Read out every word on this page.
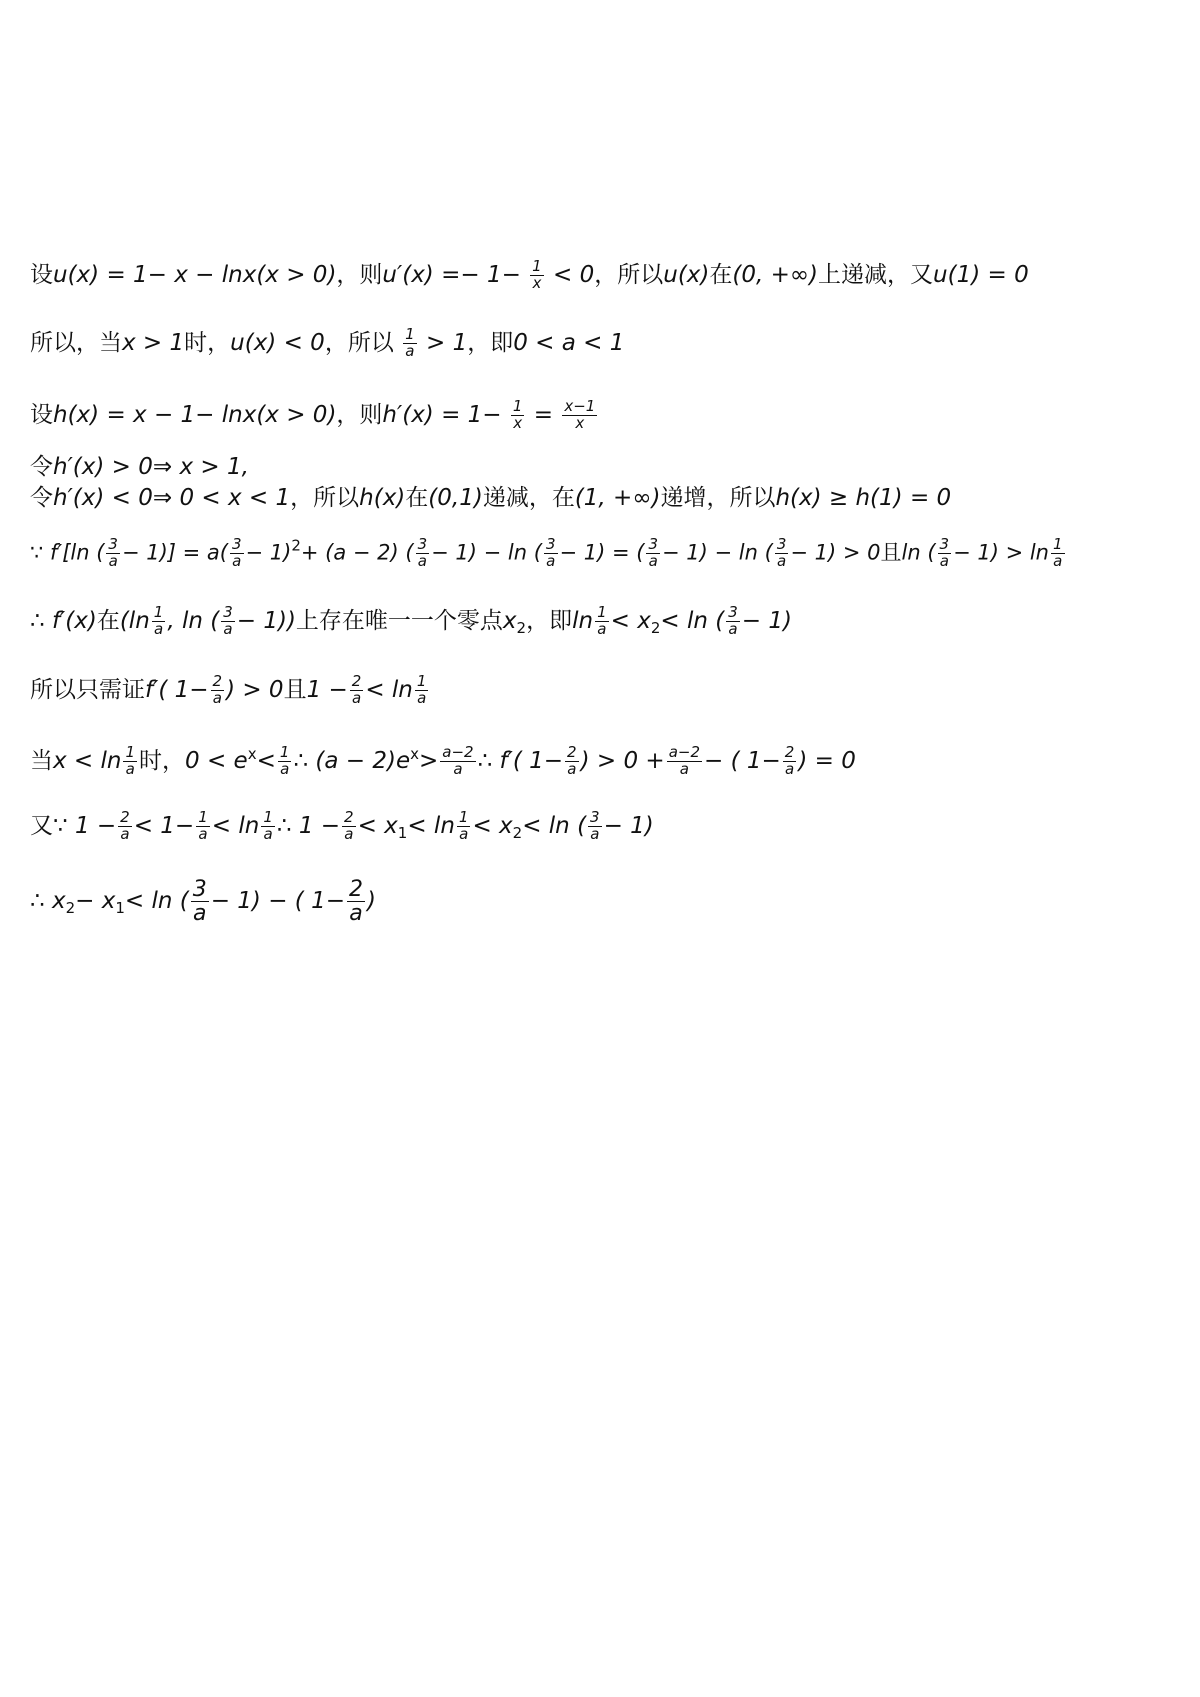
设u(x) = 1− x − lnx(x > 0)，则$u'(x) =- 1- \frac{1}{x} < 0$，所以u(x)在(0, +∞)上递减，又u(1) = 0
所以，当x > 1时，u(x) < 0，所以 $\frac{1}{a} > 1$，即0 < a < 1
设h(x) = x − 1− lnx(x > 0)，则$h'(x) = 1- \frac{1}{x} = \frac{x-1}{x}$
令h′(x) > 0⇒ x > 1,
令h′(x) < 0⇒ 0 < x < 1，所以h(x)在(0,1)递减，在(1, +∞)递增，所以h(x) ≥ h(1) = 0
∵ f′[ln ( $\frac{3}{a} - 1)] = a( \frac{3}{a} - 1)^2+ (a - 2)$ ( $\frac{3}{a} - 1) - \ln$ ( $\frac{3}{a} - 1$) = ( $\frac{3}{a} - 1) - \ln$ ( $\frac{3}{a} - 1) > 0$且ln ( $\frac{3}{a} - 1) > \ln \frac{1}{a}$
∴ f′(x)在($\ln \frac{1}{a}$ , ln ( $\frac{3}{a} - 1$))上存在唯一一个零点$x_2$，即$\ln \frac{1}{a} < x_2< \ln$ ( $\frac{3}{a} - 1$)
所以只需证f′( $1- \frac{2}{a}$ ) > 0且$1 - \frac{2}{a} < \ln \frac{1}{a}$
当$x < \ln \frac{1}{a}$ 时，$0 < e^x< \frac{1}{a}$ ∴ $(a - 2)e^x> \frac{a-2}{a}$ ∴ f′( $1- \frac{2}{a}$ ) > $0 + \frac{a-2}{a}$ − ( $1- \frac{2}{a}$ ) = 0
又∵ $1 - \frac{2}{a} < 1- \frac{1}{a} < \ln \frac{1}{a}$ ∴ $1 - \frac{2}{a} < x_1< \ln \frac{1}{a} < x_2< \ln$ ( $\frac{3}{a} - 1$)
∴ $x_2- x_1< \ln$ ( $\frac{3}{a} - 1$) − ( $1- \frac{2}{a}$ )
